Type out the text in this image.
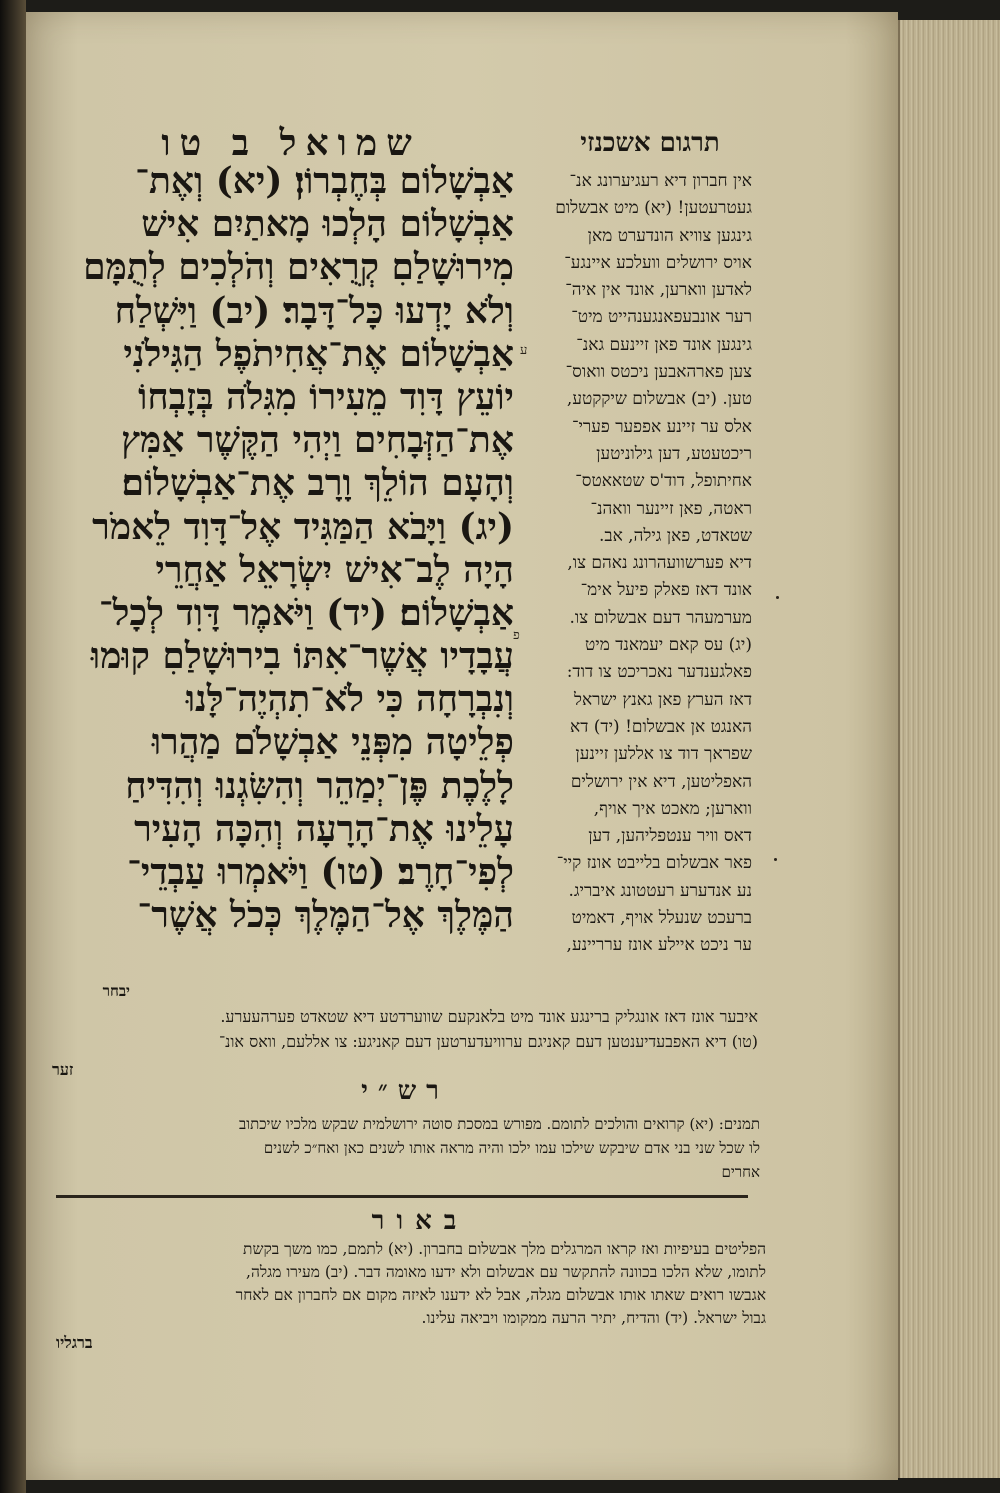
שמואל ב טו	תרגום אשכנזי
אַבְשָׁלוֹם בְּחֶבְרוֹן׃ (יא) וְאֶת־
אַבְשָׁלוֹם הָלְכוּ מָאתַיִם אִישׁ
מִירוּשָׁלַםִ קְרֻאִים וְהֹלְכִים לְתֻמָּם
וְלֹא יָדְעוּ כָּל־דָּבָר׃ (יב) וַיִּשְׁלַח
אַבְשָׁלוֹם אֶת־אֲחִיתֹפֶל הַגִּילֹנִי
יוֹעֵץ דָּוִד מֵעִירוֹ מִגִּלֹה בְּזָבְחוֹ
אֶת־הַזְּבָחִים וַיְהִי הַקֶּשֶׁר אַמִּץ
וְהָעָם הוֹלֵךְ וָרָב אֶת־אַבְשָׁלוֹם׃
(יג) וַיָּבֹא הַמַּגִּיד אֶל־דָּוִד לֵאמֹר
הָיָה לֶב־אִישׁ יִשְׂרָאֵל אַחֲרֵי
אַבְשָׁלוֹם׃ (יד) וַיֹּאמֶר דָּוִד לְכָל־
עֲבָדָיו אֲשֶׁר־אִתּוֹ בִירוּשָׁלַםִ קוּמוּ
וְנִבְרָחָה כִּי לֹא־תִהְיֶה־לָּנוּ
פְלֵיטָה מִפְּנֵי אַבְשָׁלֹם מַהֲרוּ
לָלֶכֶת פֶּן־יְמַהֵר וְהִשִּׂגְנוּ וְהִדִּיחַ
עָלֵינוּ אֶת־הָרָעָה וְהִכָּה הָעִיר
לְפִי־חָרֶב׃ (טו) וַיֹּאמְרוּ עַבְדֵי־
הַמֶּלֶךְ אֶל־הַמֶּלֶךְ כְּכֹל אֲשֶׁר־
ע
פ
אין חברון דיא רעגיערונג אנ־
געטרעטען! (יא) מיט אבשלום
גינגען צוויא הונדערט מאן
אויס ירושלים וועלכע איינגע־
לאדען ווארען, אונד אין איה־
רער אונבעפאנגענהייט מיט־
גינגען אונד פאן זיינעם גאנ־
צען פארהאבען ניכטס וואוס־
טען. (יב) אבשלום שיקקטע,
אלס ער זיינע אפפער פערי־
ריכטעטע, דען גילוניטען
אחיתופל, דוד'ס שטאאטס־
ראטה, פאן זיינער וואהנ־
שטאדט, פאן גילה, אב.
דיא פערשוועהרונג נאהם צו,
אונד דאז פאלק פיעל אימ־
מערמעהר דעם אבשלום צו.
(יג) עס קאם יעמאנד מיט
פאלגענדער נאכריכט צו דוד:
דאז הערץ פאן גאנץ ישראל
האנגט אן אבשלום! (יד) דא
שפראך דוד צו אללען זיינען
האפליטען, דיא אין ירושלים
ווארען; מאכט איך אויף,
דאס וויר ענטפליהען, דען
פאר אבשלום בלייבט אונז קיי־
נע אנדערע רעטטונג איבריג.
ברעכט שנעלל אויף, דאמיט
ער ניכט איילע אונז ערריינע,
יבחר
איבער אונז דאז אונגליק ברינגע אונד מיט בלאנקעם שווערדטע דיא שטאדט פערהעערע.
(טו) דיא האפבעדיענטען דעם קאניגם ערוויעדערטען דעם קאניגע: צו אללעם, וואס אונ־
זער
רש״י
תמנים: (יא) קרואים והולכים לתומם. מפורש במסכת סוטה ירושלמית שבקש מלכיו שיכתוב
לו שכל שני בני אדם שיבקש שילכו עמו ילכו והיה מראה אותו לשנים כאן ואח״כ לשנים
אחרים
באור
הפליטים בעיפיות ואז קראו המרגלים מלך אבשלום בחברון. (יא) לתמם, כמו משך בקשת
לתומו, שלא הלכו בכוונה להתקשר עם אבשלום ולא ידעו מאומה דבר. (יב) מעירו מגלה,
אגבשו רואים שאתו אותו אבשלום מגלה, אבל לא ידענו לאיזה מקום אם לחברון אם לאחר
גבול ישראל. (יד) והדיח, יתיר הרעה ממקומו ויביאה עלינו.
ברגליו
